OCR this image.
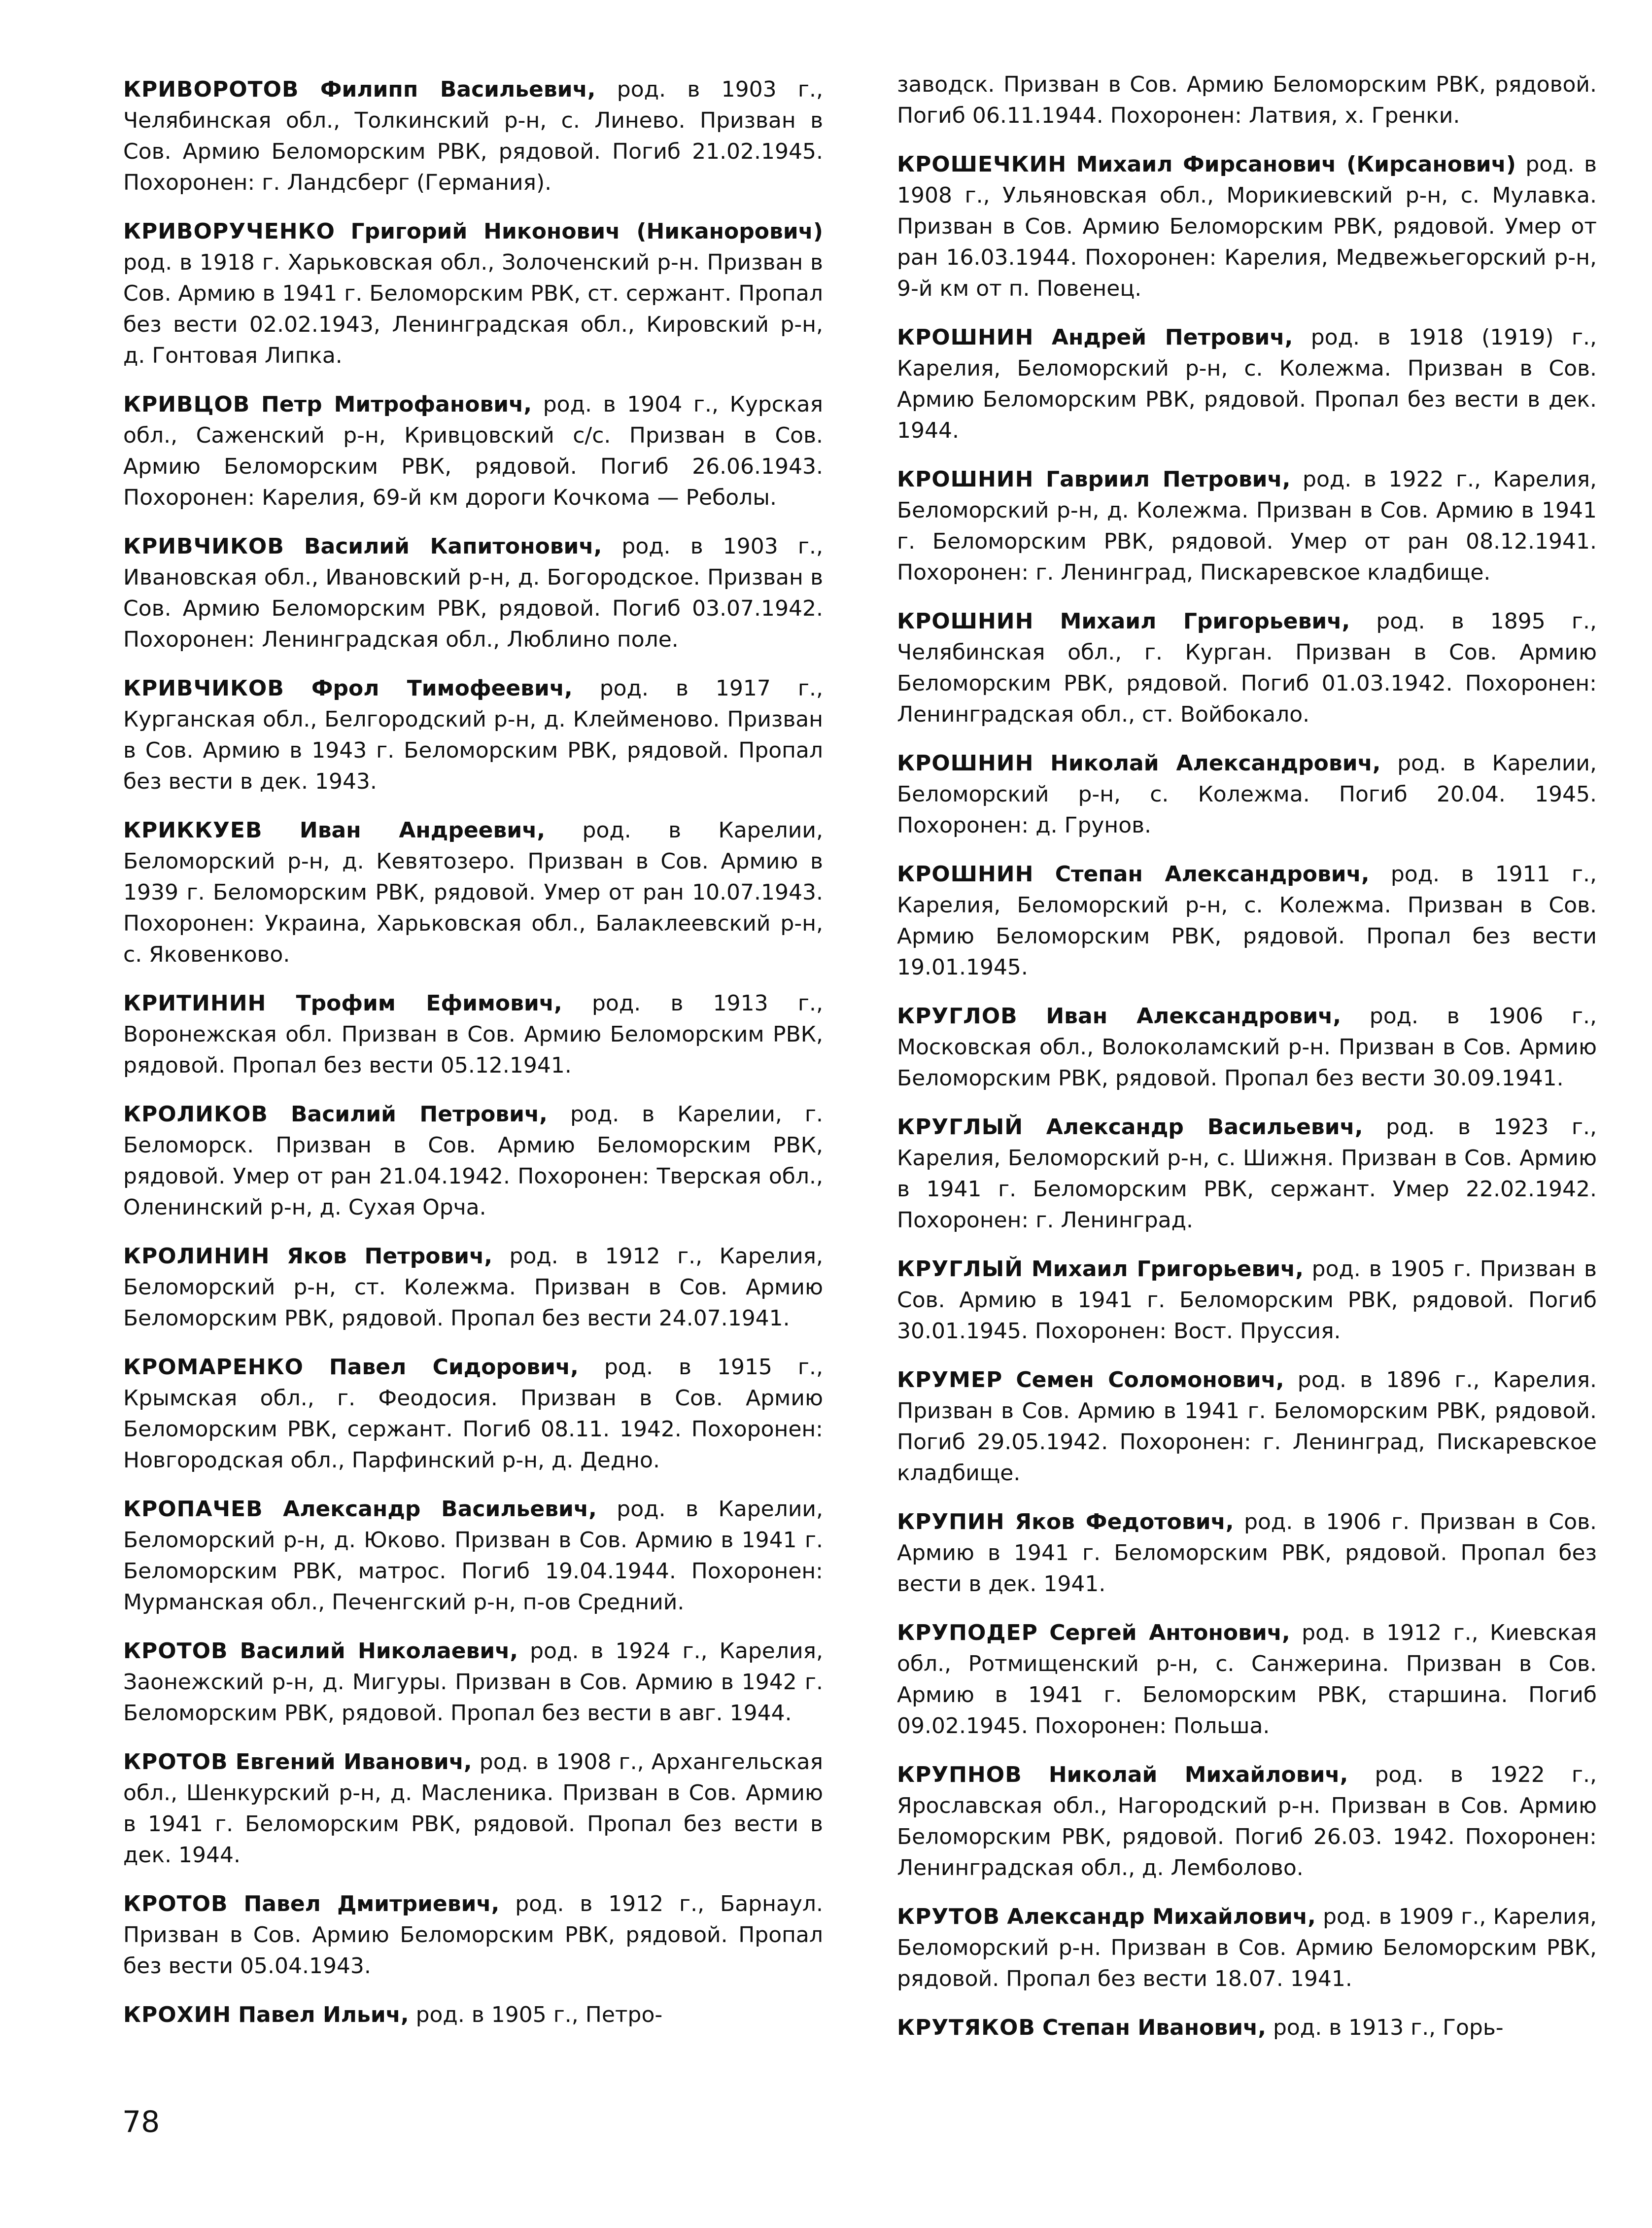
КРИВОРОТОВ Филипп Васильевич, род. в 1903 г., Челябинская обл., Толкинский р-н, с. Линево. Призван в Сов. Армию Беломорским РВК, рядовой. Погиб 21.02.1945. Похоронен: г. Ландсберг (Германия).

КРИВОРУЧЕНКО Григорий Никонович (Никанорович) род. в 1918 г. Харьковская обл., Золоченский р-н. Призван в Сов. Армию в 1941 г. Беломорским РВК, ст. сержант. Пропал без вести 02.02.1943, Ленинградская обл., Кировский р-н, д. Гонтовая Липка.

КРИВЦОВ Петр Митрофанович, род. в 1904 г., Курская обл., Саженский р-н, Кривцовский с/с. Призван в Сов. Армию Беломорским РВК, рядовой. Погиб 26.06.1943. Похоронен: Карелия, 69-й км дороги Кочкома — Реболы.

КРИВЧИКОВ Василий Капитонович, род. в 1903 г., Ивановская обл., Ивановский р-н, д. Богородское. Призван в Сов. Армию Беломорским РВК, рядовой. Погиб 03.07.1942. Похоронен: Ленинградская обл., Люблино поле.

КРИВЧИКОВ Фрол Тимофеевич, род. в 1917 г., Курганская обл., Белгородский р-н, д. Клейменово. Призван в Сов. Армию в 1943 г. Беломорским РВК, рядовой. Пропал без вести в дек. 1943.

КРИККУЕВ Иван Андреевич, род. в Карелии, Беломорский р-н, д. Кевятозеро. Призван в Сов. Армию в 1939 г. Беломорским РВК, рядовой. Умер от ран 10.07.1943. Похоронен: Украина, Харьковская обл., Балаклеевский р-н, с. Яковенково.

КРИТИНИН Трофим Ефимович, род. в 1913 г., Воронежская обл. Призван в Сов. Армию Беломорским РВК, рядовой. Пропал без вести 05.12.1941.

КРОЛИКОВ Василий Петрович, род. в Карелии, г. Беломорск. Призван в Сов. Армию Беломорским РВК, рядовой. Умер от ран 21.04.1942. Похоронен: Тверская обл., Оленинский р-н, д. Сухая Орча.

КРОЛИНИН Яков Петрович, род. в 1912 г., Карелия, Беломорский р-н, ст. Колежма. Призван в Сов. Армию Беломорским РВК, рядовой. Пропал без вести 24.07.1941.

КРОМАРЕНКО Павел Сидорович, род. в 1915 г., Крымская обл., г. Феодосия. Призван в Сов. Армию Беломорским РВК, сержант. Погиб 08.11. 1942. Похоронен: Новгородская обл., Парфинский р-н, д. Дедно.

КРОПАЧЕВ Александр Васильевич, род. в Карелии, Беломорский р-н, д. Юково. Призван в Сов. Армию в 1941 г. Беломорским РВК, матрос. Погиб 19.04.1944. Похоронен: Мурманская обл., Печенгский р-н, п-ов Средний.

КРОТОВ Василий Николаевич, род. в 1924 г., Карелия, Заонежский р-н, д. Мигуры. Призван в Сов. Армию в 1942 г. Беломорским РВК, рядовой. Пропал без вести в авг. 1944.

КРОТОВ Евгений Иванович, род. в 1908 г., Архангельская обл., Шенкурский р-н, д. Масленика. Призван в Сов. Армию в 1941 г. Беломорским РВК, рядовой. Пропал без вести в дек. 1944.

КРОТОВ Павел Дмитриевич, род. в 1912 г., Барнаул. Призван в Сов. Армию Беломорским РВК, рядовой. Пропал без вести 05.04.1943.

КРОХИН Павел Ильич, род. в 1905 г., Петро-

заводск. Призван в Сов. Армию Беломорским РВК, рядовой. Погиб 06.11.1944. Похоронен: Латвия, х. Гренки.

КРОШЕЧКИН Михаил Фирсанович (Кирсанович) род. в 1908 г., Ульяновская обл., Морикиевский р-н, с. Мулавка. Призван в Сов. Армию Беломорским РВК, рядовой. Умер от ран 16.03.1944. Похоронен: Карелия, Медвежьегорский р-н, 9-й км от п. Повенец.

КРОШНИН Андрей Петрович, род. в 1918 (1919) г., Карелия, Беломорский р-н, с. Колежма. Призван в Сов. Армию Беломорским РВК, рядовой. Пропал без вести в дек. 1944.

КРОШНИН Гавриил Петрович, род. в 1922 г., Карелия, Беломорский р-н, д. Колежма. Призван в Сов. Армию в 1941 г. Беломорским РВК, рядовой. Умер от ран 08.12.1941. Похоронен: г. Ленинград, Пискаревское кладбище.

КРОШНИН Михаил Григорьевич, род. в 1895 г., Челябинская обл., г. Курган. Призван в Сов. Армию Беломорским РВК, рядовой. Погиб 01.03.1942. Похоронен: Ленинградская обл., ст. Войбокало.

КРОШНИН Николай Александрович, род. в Карелии, Беломорский р-н, с. Колежма. Погиб 20.04. 1945. Похоронен: д. Грунов.

КРОШНИН Степан Александрович, род. в 1911 г., Карелия, Беломорский р-н, с. Колежма. Призван в Сов. Армию Беломорским РВК, рядовой. Пропал без вести 19.01.1945.

КРУГЛОВ Иван Александрович, род. в 1906 г., Московская обл., Волоколамский р-н. Призван в Сов. Армию Беломорским РВК, рядовой. Пропал без вести 30.09.1941.

КРУГЛЫЙ Александр Васильевич, род. в 1923 г., Карелия, Беломорский р-н, с. Шижня. Призван в Сов. Армию в 1941 г. Беломорским РВК, сержант. Умер 22.02.1942. Похоронен: г. Ленинград.

КРУГЛЫЙ Михаил Григорьевич, род. в 1905 г. Призван в Сов. Армию в 1941 г. Беломорским РВК, рядовой. Погиб 30.01.1945. Похоронен: Вост. Пруссия.

КРУМЕР Семен Соломонович, род. в 1896 г., Карелия. Призван в Сов. Армию в 1941 г. Беломорским РВК, рядовой. Погиб 29.05.1942. Похоронен: г. Ленинград, Пискаревское кладбище.

КРУПИН Яков Федотович, род. в 1906 г. Призван в Сов. Армию в 1941 г. Беломорским РВК, рядовой. Пропал без вести в дек. 1941.

КРУПОДЕР Сергей Антонович, род. в 1912 г., Киевская обл., Ротмищенский р-н, с. Санжерина. Призван в Сов. Армию в 1941 г. Беломорским РВК, старшина. Погиб 09.02.1945. Похоронен: Польша.

КРУПНОВ Николай Михайлович, род. в 1922 г., Ярославская обл., Нагородский р-н. Призван в Сов. Армию Беломорским РВК, рядовой. Погиб 26.03. 1942. Похоронен: Ленинградская обл., д. Лемболово.

КРУТОВ Александр Михайлович, род. в 1909 г., Карелия, Беломорский р-н. Призван в Сов. Армию Беломорским РВК, рядовой. Пропал без вести 18.07. 1941.

КРУТЯКОВ Степан Иванович, род. в 1913 г., Горь-

78
